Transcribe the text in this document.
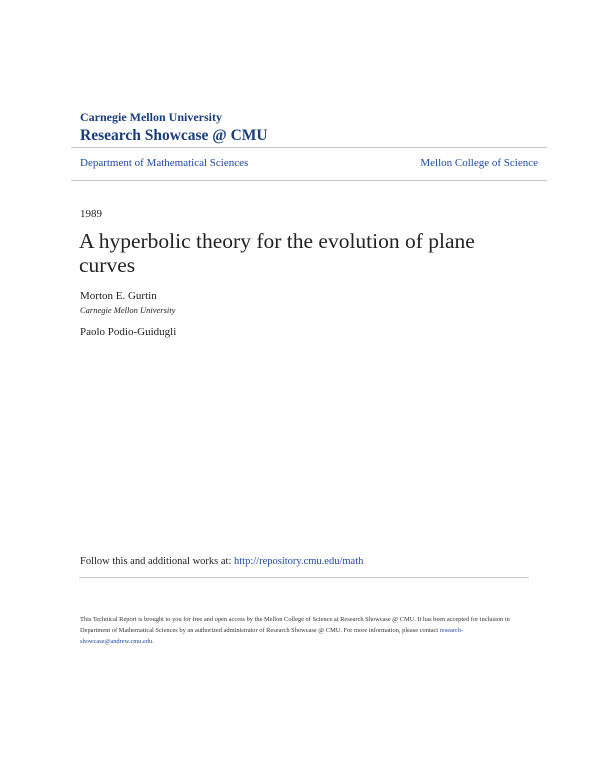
Carnegie Mellon University

Research Showcase @ CMU

Department of Mathematical Sciences	Mellon College of Science
1989
A hyperbolic theory for the evolution of plane curves
Morton E. Gurtin
Carnegie Mellon University
Paolo Podio-Guidugli
Follow this and additional works at: http://repository.cmu.edu/math
This Technical Report is brought to you for free and open access by the Mellon College of Science at Research Showcase @ CMU. It has been accepted for inclusion in Department of Mathematical Sciences by an authorized administrator of Research Showcase @ CMU. For more information, please contact research-showcase@andrew.cmu.edu.
